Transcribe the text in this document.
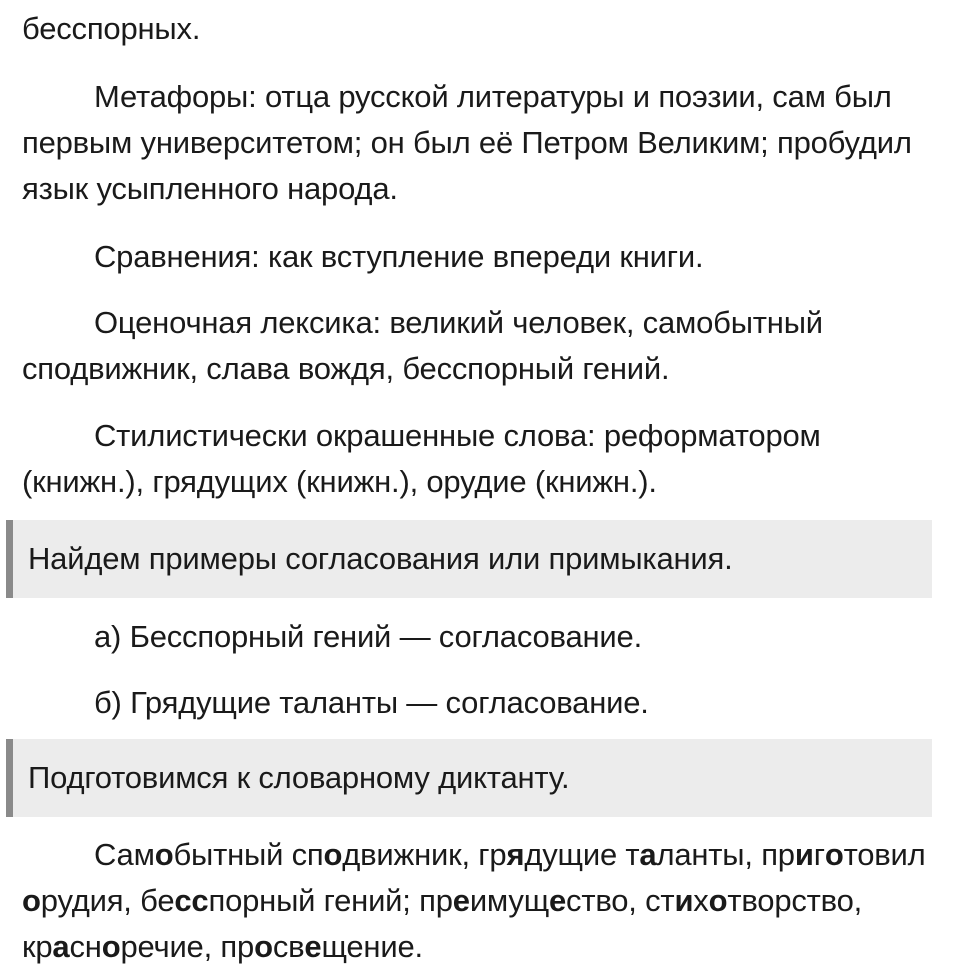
бесспорных.

Метафоры: отца русской литературы и поэзии, сам был первым университетом; он был её Петром Великим; пробудил язык усыпленного народа.

Сравнения: как вступление впереди книги.

Оценочная лексика: великий человек, самобытный сподвижник, слава вождя, бесспорный гений.

Стилистически окрашенные слова: реформатором (книжн.), грядущих (книжн.), орудие (книжн.).

Найдем примеры согласования или примыкания.

а) Бесспорный гений — согласование.

б) Грядущие таланты — согласование.

Подготовимся к словарному диктанту.

Самобытный сподвижник, грядущие таланты, приготовил орудия, бесспорный гений; преимущество, стихотворство, красноречие, просвещение.
